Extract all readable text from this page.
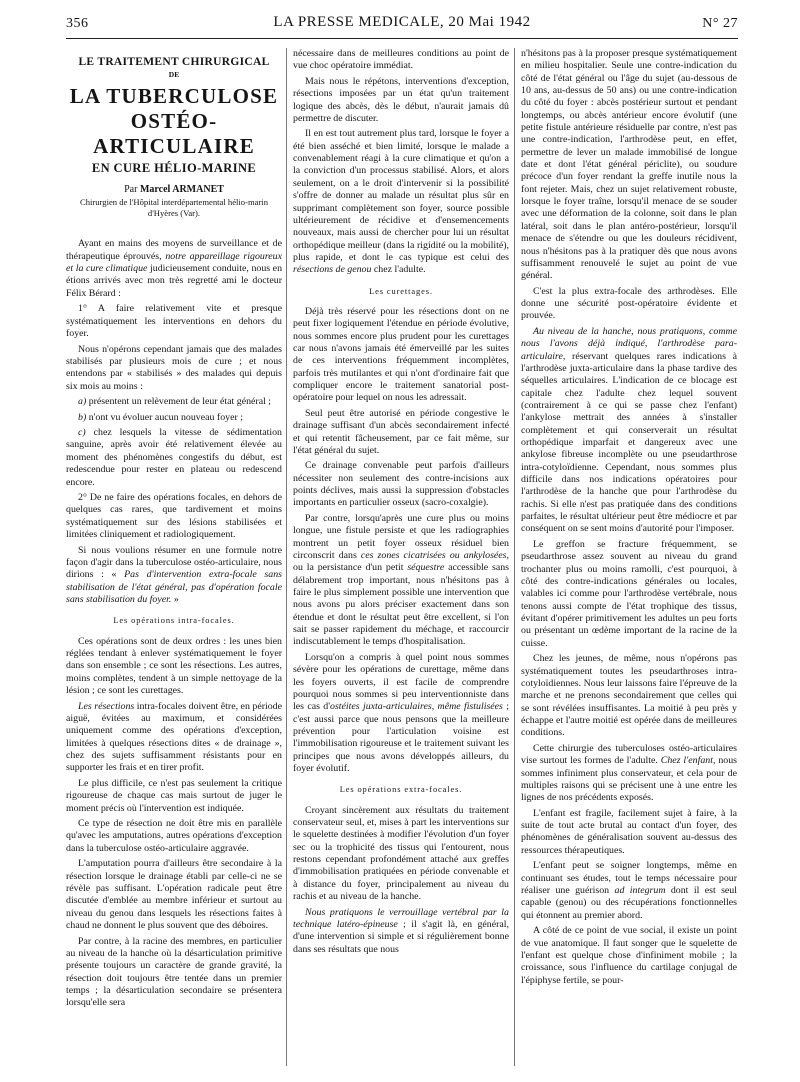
356	LA PRESSE MEDICALE, 20 Mai 1942	N° 27
LE TRAITEMENT CHIRURGICAL
DE
LA TUBERCULOSE
OSTÉO-ARTICULAIRE
EN CURE HÉLIO-MARINE
Par Marcel ARMANET
Chirurgien de l'Hôpital interdépartemental hélio-marin d'Hyères (Var).

Ayant en mains des moyens de surveillance et de thérapeutique éprouvés, notre appareillage rigoureux et la cure climatique judicieusement conduite, nous en étions arrivés avec mon très regretté ami le docteur Félix Bérard :

1° A faire relativement vite et presque systématiquement les interventions en dehors du foyer.

Nous n'opérons cependant jamais que des malades stabilisés par plusieurs mois de cure ; et nous entendons par « stabilisés » des malades qui depuis six mois au moins :

a) présentent un relèvement de leur état général ;

b) n'ont vu évoluer aucun nouveau foyer ;

c) chez lesquels la vitesse de sédimentation sanguine, après avoir été relativement élevée au moment des phénomènes congestifs du début, est redescendue pour rester en plateau ou redescend encore.

2° De ne faire des opérations focales, en dehors de quelques cas rares, que tardivement et moins systématiquement sur des lésions stabilisées et limitées cliniquement et radiologiquement.

Si nous voulions résumer en une formule notre façon d'agir dans la tuberculose ostéo-articulaire, nous dirions : « Pas d'intervention extra-focale sans stabilisation de l'état général, pas d'opération focale sans stabilisation du foyer. »

Les opérations intra-focales.

Ces opérations sont de deux ordres : les unes bien réglées tendant à enlever systématiquement le foyer dans son ensemble ; ce sont les résections. Les autres, moins complètes, tendent à un simple nettoyage de la lésion ; ce sont les curettages.

Les résections intra-focales doivent être, en période aiguë, évitées au maximum, et considérées uniquement comme des opérations d'exception, limitées à quelques résections dites « de drainage », chez des sujets suffisamment résistants pour en supporter les frais et en tirer profit.

Le plus difficile, ce n'est pas seulement la critique rigoureuse de chaque cas mais surtout de juger le moment précis où l'intervention est indiquée.

Ce type de résection ne doit être mis en parallèle qu'avec les amputations, autres opérations d'exception dans la tuberculose ostéo-articulaire aggravée.

L'amputation pourra d'ailleurs être secondaire à la résection lorsque le drainage établi par celle-ci ne se révèle pas suffisant. L'opération radicale peut être discutée d'emblée au membre inférieur et surtout au niveau du genou dans lesquels les résections faites à chaud ne donnent le plus souvent que des déboires.

Par contre, à la racine des membres, en particulier au niveau de la hanche où la désarticulation primitive présente toujours un caractère de grande gravité, la résection doit toujours être tentée dans un premier temps ; la désarticulation secondaire se présentera lorsqu'elle sera

nécessaire dans de meilleures conditions au point de vue choc opératoire immédiat.

Mais nous le répétons, interventions d'exception, résections imposées par un état qu'un traitement logique des abcès, dès le début, n'aurait jamais dû permettre de discuter.

Il en est tout autrement plus tard, lorsque le foyer a été bien asséché et bien limité, lorsque le malade a convenablement réagi à la cure climatique et qu'on a la conviction d'un processus stabilisé. Alors, et alors seulement, on a le droit d'intervenir si la possibilité s'offre de donner au malade un résultat plus sûr en supprimant complètement son foyer, source possible ultérieurement de récidive et d'ensemencements nouveaux, mais aussi de chercher pour lui un résultat orthopédique meilleur (dans la rigidité ou la mobilité), plus rapide, et dont le cas typique est celui des résections de genou chez l'adulte.

Les curettages.

Déjà très réservé pour les résections dont on ne peut fixer logiquement l'étendue en période évolutive, nous sommes encore plus prudent pour les curettages car nous n'avons jamais été émerveillé par les suites de ces interventions fréquemment incomplètes, parfois très mutilantes et qui n'ont d'ordinaire fait que compliquer encore le traitement sanatorial post-opératoire pour lequel on nous les adressait.

Seul peut être autorisé en période congestive le drainage suffisant d'un abcès secondairement infecté et qui retentit fâcheusement, par ce fait même, sur l'état général du sujet.

Ce drainage convenable peut parfois d'ailleurs nécessiter non seulement des contre-incisions aux points déclives, mais aussi la suppression d'obstacles importants en particulier osseux (sacro-coxalgie).

Par contre, lorsqu'après une cure plus ou moins longue, une fistule persiste et que les radiographies montrent un petit foyer osseux résiduel bien circonscrit dans ces zones cicatrisées ou ankylosées, ou la persistance d'un petit séquestre accessible sans délabrement trop important, nous n'hésitons pas à faire le plus simplement possible une intervention que nous avons pu alors préciser exactement dans son étendue et dont le résultat peut être excellent, si l'on sait se passer rapidement du méchage, et raccourcir indiscutablement le temps d'hospitalisation.

Lorsqu'on a compris à quel point nous sommes sévère pour les opérations de curettage, même dans les foyers ouverts, il est facile de comprendre pourquoi nous sommes si peu interventionniste dans les cas d'ostéites juxta-articulaires, même fistulisées ; c'est aussi parce que nous pensons que la meilleure prévention pour l'articulation voisine est l'immobilisation rigoureuse et le traitement suivant les principes que nous avons développés ailleurs, du foyer évolutif.

Les opérations extra-focales.

Croyant sincèrement aux résultats du traitement conservateur seul, et, mises à part les interventions sur le squelette destinées à modifier l'évolution d'un foyer sec ou la trophicité des tissus qui l'entourent, nous restons cependant profondément attaché aux greffes d'immobilisation pratiquées en période convenable et à distance du foyer, principalement au niveau du rachis et au niveau de la hanche.

Nous pratiquons le verrouillage vertébral par la technique latéro-épineuse ; il s'agit là, en général, d'une intervention si simple et si régulièrement bonne dans ses résultats que nous

n'hésitons pas à la proposer presque systématiquement en milieu hospitalier. Seule une contre-indication du côté de l'état général ou l'âge du sujet (au-dessous de 10 ans, au-dessus de 50 ans) ou une contre-indication du côté du foyer : abcès postérieur surtout et pendant longtemps, ou abcès antérieur encore évolutif (une petite fistule antérieure résiduelle par contre, n'est pas une contre-indication, l'arthrodèse peut, en effet, permettre de lever un malade immobilisé de longue date et dont l'état général périclite), ou soudure précoce d'un foyer rendant la greffe inutile nous la font rejeter. Mais, chez un sujet relativement robuste, lorsque le foyer traîne, lorsqu'il menace de se souder avec une déformation de la colonne, soit dans le plan latéral, soit dans le plan antéro-postérieur, lorsqu'il menace de s'étendre ou que les douleurs récidivent, nous n'hésitons pas à la pratiquer dès que nous avons suffisamment renouvelé le sujet au point de vue général.

C'est la plus extra-focale des arthrodèses. Elle donne une sécurité post-opératoire évidente et prouvée.

Au niveau de la hanche, nous pratiquons, comme nous l'avons déjà indiqué, l'arthrodèse para-articulaire, réservant quelques rares indications à l'arthrodèse juxta-articulaire dans la phase tardive des séquelles articulaires. L'indication de ce blocage est capitale chez l'adulte chez lequel souvent (contrairement à ce qui se passe chez l'enfant) l'ankylose mettrait des années à s'installer complètement et qui conserverait un résultat orthopédique imparfait et dangereux avec une ankylose fibreuse incomplète ou une pseudarthrose intra-cotyloïdienne. Cependant, nous sommes plus difficile dans nos indications opératoires pour l'arthrodèse de la hanche que pour l'arthrodèse du rachis. Si elle n'est pas pratiquée dans des conditions parfaites, le résultat ultérieur peut être médiocre et par conséquent on se sent moins d'autorité pour l'imposer.

Le greffon se fracture fréquemment, se pseudarthrose assez souvent au niveau du grand trochanter plus ou moins ramolli, c'est pourquoi, à côté des contre-indications générales ou locales, valables ici comme pour l'arthrodèse vertébrale, nous tenons aussi compte de l'état trophique des tissus, évitant d'opérer primitivement les adultes un peu forts ou présentant un œdème important de la racine de la cuisse.

Chez les jeunes, de même, nous n'opérons pas systématiquement toutes les pseudarthroses intra-cotyloïdiennes. Nous leur laissons faire l'épreuve de la marche et ne prenons secondairement que celles qui se sont révélées insuffisantes. La moitié à peu près y échappe et l'autre moitié est opérée dans de meilleures conditions.

Cette chirurgie des tuberculoses ostéo-articulaires vise surtout les formes de l'adulte. Chez l'enfant, nous sommes infiniment plus conservateur, et cela pour de multiples raisons qui se précisent une à une entre les lignes de nos précédents exposés.

L'enfant est fragile, facilement sujet à faire, à la suite de tout acte brutal au contact d'un foyer, des phénomènes de généralisation souvent au-dessus des ressources thérapeutiques.

L'enfant peut se soigner longtemps, même en continuant ses études, tout le temps nécessaire pour réaliser une guérison ad integrum dont il est seul capable (genou) ou des récupérations fonctionnelles qui étonnent au premier abord.

A côté de ce point de vue social, il existe un point de vue anatomique. Il faut songer que le squelette de l'enfant est quelque chose d'infiniment mobile ; la croissance, sous l'influence du cartilage conjugal de l'épiphyse fertile, se pour-
